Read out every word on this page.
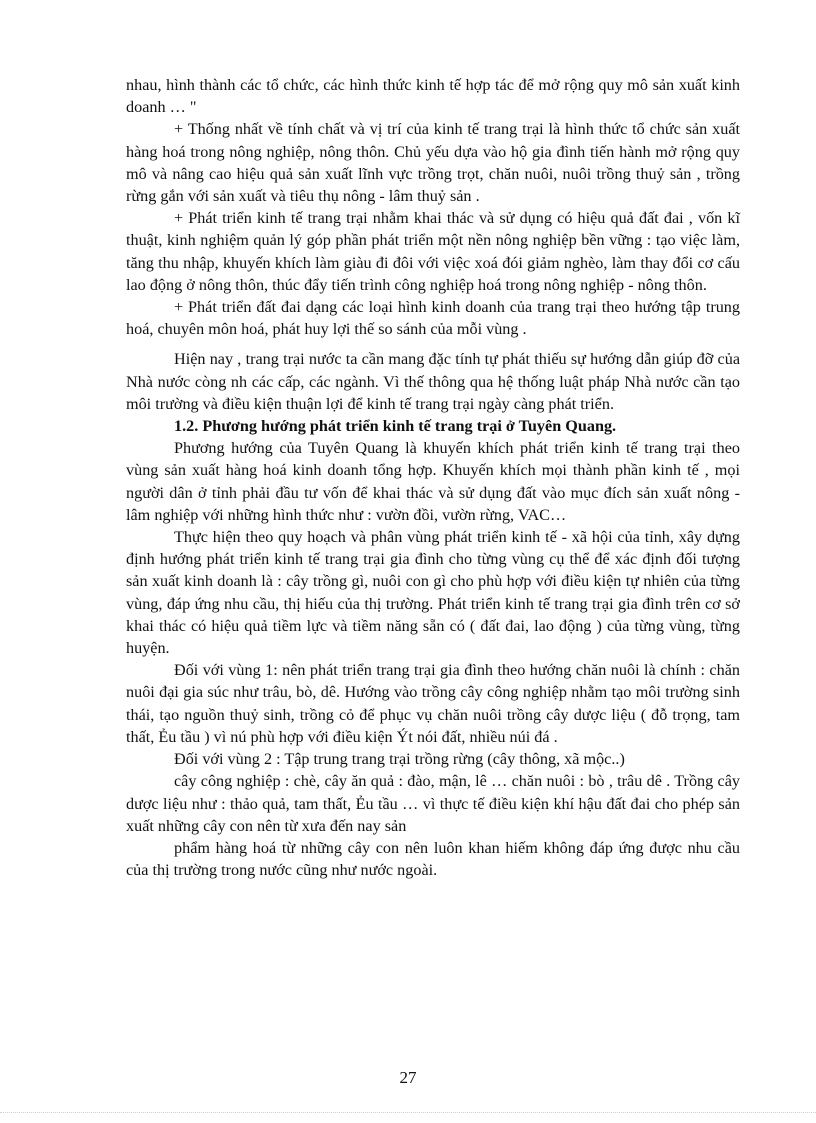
nhau, hình thành các tổ chức, các hình thức kinh tế hợp tác để mở rộng quy mô sản xuất kinh doanh … "

+ Thống nhất về tính chất và vị trí của kinh tế trang trại là hình thức tổ chức sản xuất hàng hoá trong nông nghiệp, nông thôn. Chủ yếu dựa vào hộ gia đình tiến hành mở rộng quy mô và nâng cao hiệu quả sản xuất lĩnh vực trồng trọt, chăn nuôi, nuôi trồng thuỷ sản , trồng rừng gắn với sản xuất và tiêu thụ nông - lâm thuỷ sản .

+ Phát triển kinh tế trang trại nhằm khai thác và sử dụng có hiệu quả đất đai , vốn kĩ thuật, kinh nghiệm quản lý góp phần phát triển một nền nông nghiệp bền vững : tạo việc làm, tăng thu nhập, khuyến khích làm giàu đi đôi với việc xoá đói giảm nghèo, làm thay đổi cơ cấu lao động ở nông thôn, thúc đẩy tiến trình công nghiệp hoá trong nông nghiệp - nông thôn.

+ Phát triển đất đai dạng các loại hình kinh doanh của trang trại theo hướng tập trung hoá, chuyên môn hoá, phát huy lợi thế so sánh của mỗi vùng .

Hiện nay , trang trại nước ta cần mang đặc tính tự phát thiếu sự hướng dẫn giúp đỡ của Nhà nước còng nh các cấp, các ngành. Vì thế thông qua hệ thống luật pháp Nhà nước cần tạo môi trường và điều kiện thuận lợi để kinh tế trang trại ngày càng phát triển.

1.2. Phương hướng phát triển kinh tế trang trại ở Tuyên Quang.

Phương hướng của Tuyên Quang là khuyến khích phát triển kinh tế trang trại theo vùng sản xuất hàng hoá kinh doanh tổng hợp. Khuyến khích mọi thành phần kinh tế , mọi người dân ở tỉnh phải đầu tư vốn để khai thác và sử dụng đất vào mục đích sản xuất nông - lâm nghiệp với những hình thức như : vườn đồi, vườn rừng, VAC…

Thực hiện theo quy hoạch và phân vùng phát triển kinh tế - xã hội của tỉnh, xây dựng định hướng phát triển kinh tế trang trại gia đình cho từng vùng cụ thể để xác định đối tượng sản xuất kinh doanh là : cây trồng gì, nuôi con gì cho phù hợp với điều kiện tự nhiên của từng vùng, đáp ứng nhu cầu, thị hiếu của thị trường. Phát triển kinh tế trang trại gia đình trên cơ sở khai thác có hiệu quả tiềm lực và tiềm năng sẵn có ( đất đai, lao động ) của từng vùng, từng huyện.

Đối với vùng 1: nên phát triển trang trại gia đình theo hướng chăn nuôi là chính : chăn nuôi đại gia súc như trâu, bò, dê. Hướng vào trồng cây công nghiệp nhằm tạo môi trường sinh thái, tạo nguồn thuỷ sinh, trồng cỏ để phục vụ chăn nuôi trồng cây dược liệu ( đỗ trọng, tam thất, Ẻu tầu ) vì nú phù hợp với điều kiện Ýt nói đất, nhiều núi đá .

Đối với vùng 2 : Tập trung trang trại trồng rừng (cây thông, xã mộc..)

cây công nghiệp : chè, cây ăn quả : đào, mận, lê … chăn nuôi : bò , trâu dê . Trồng cây dược liệu như : thảo quả, tam thất, Ẻu tầu … vì thực tế điều kiện khí hậu đất đai cho phép sản xuất những cây con nên từ xưa đến nay sản

phẩm hàng hoá từ những cây con nên luôn khan hiếm không đáp ứng được nhu cầu của thị trường trong nước cũng như nước ngoài.

27
